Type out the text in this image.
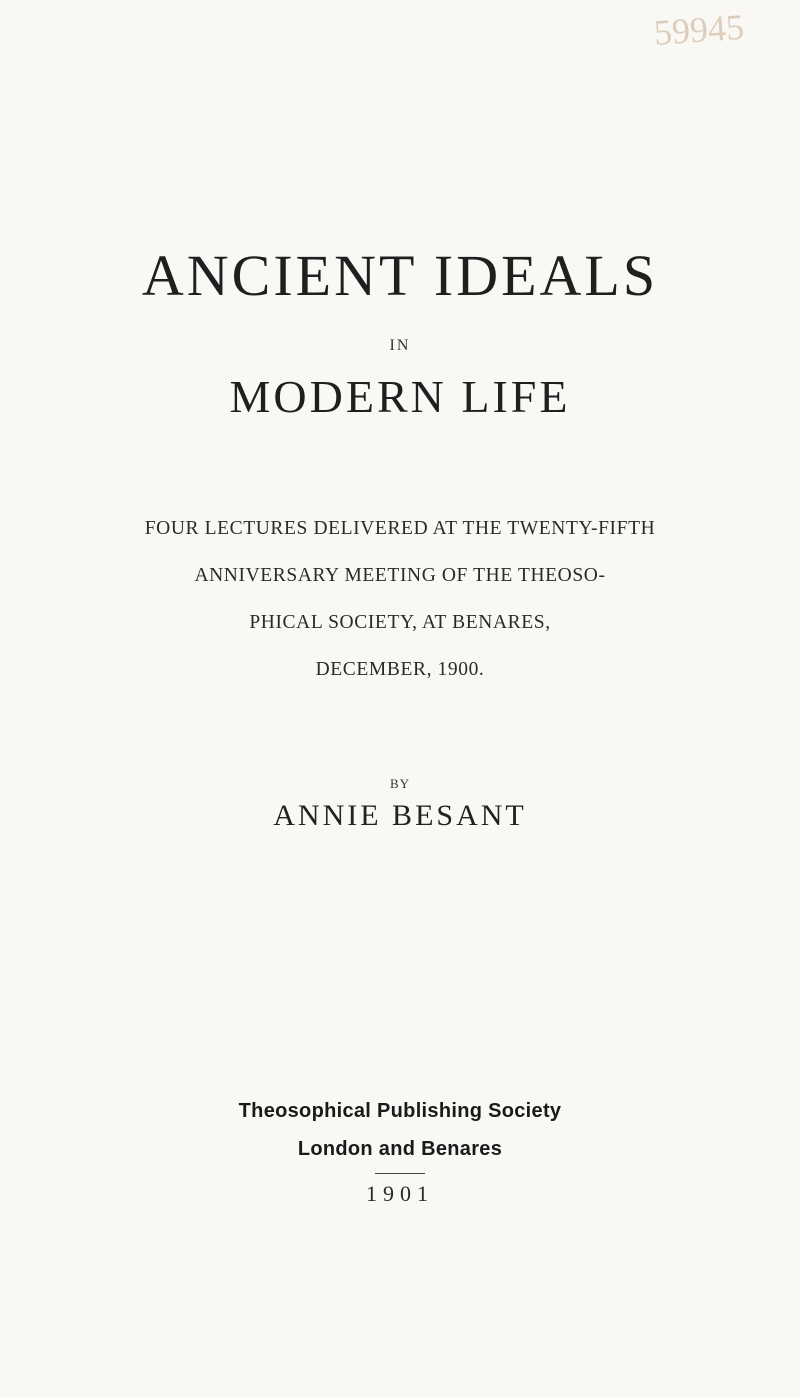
59945
ANCIENT IDEALS
IN
MODERN LIFE
FOUR LECTURES DELIVERED AT THE TWENTY-FIFTH
ANNIVERSARY MEETING OF THE THEOSO-
PHICAL SOCIETY, AT BENARES,
DECEMBER, 1900.
BY
ANNIE BESANT
Theosophical Publishing Society
London and Benares
1901
